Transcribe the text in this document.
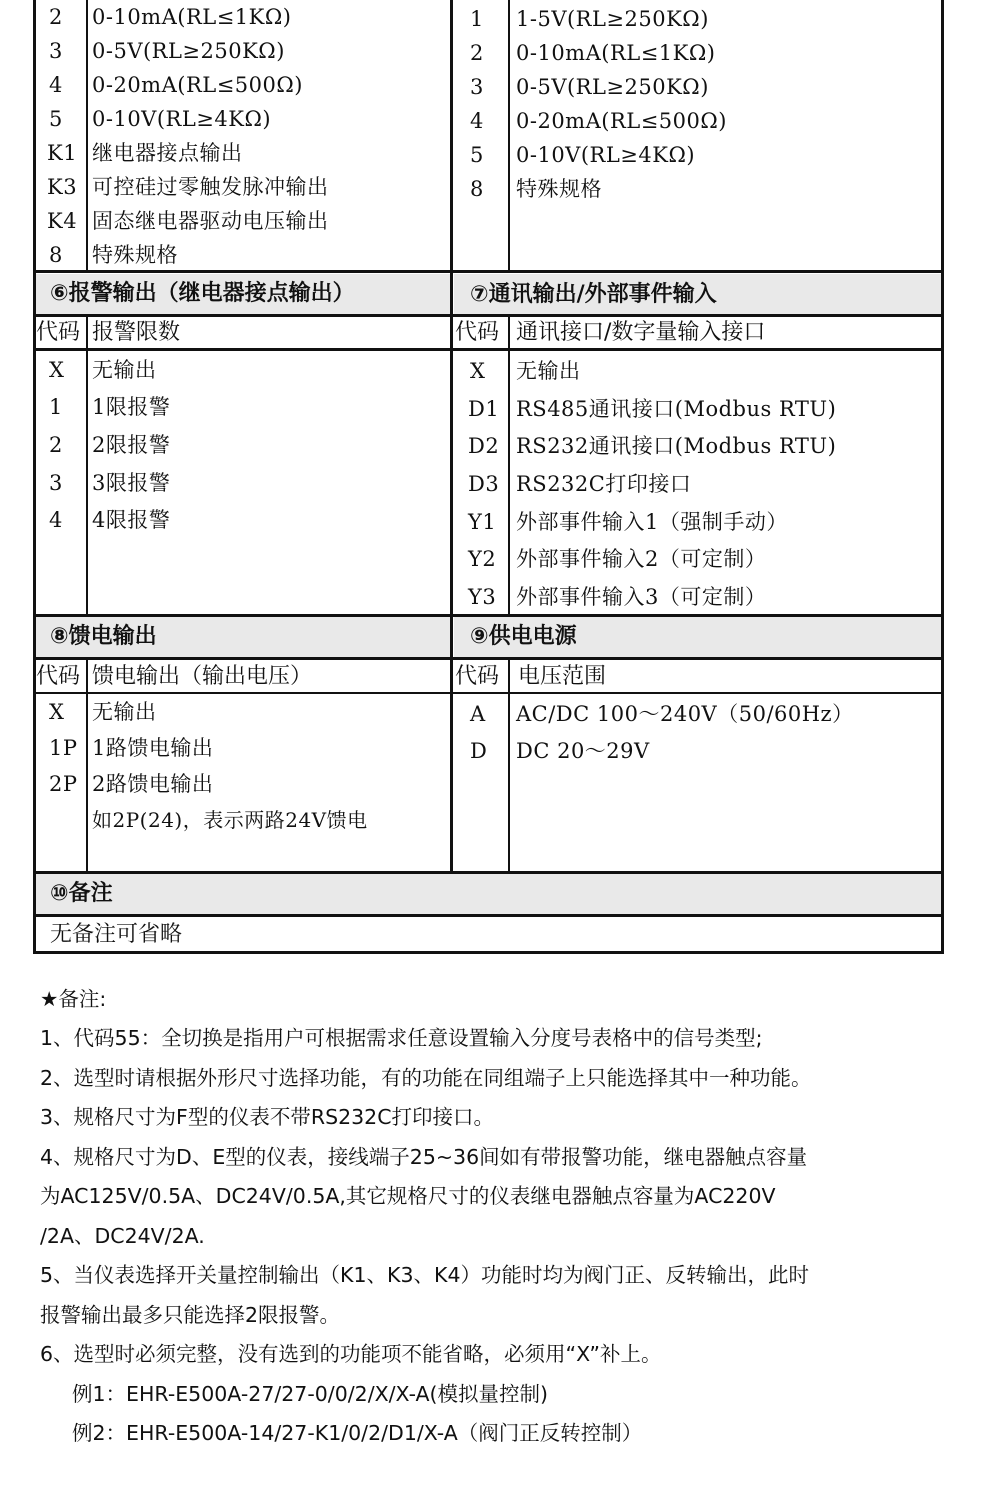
2 0-10mA(RL≤1KΩ)
3 0-5V(RL≥250KΩ)
4 0-20mA(RL≤500Ω)
5 0-10V(RL≥4KΩ)
K1 继电器接点输出
K3 可控硅过零触发脉冲输出
K4 固态继电器驱动电压输出
8 特殊规格
1 1-5V(RL≥250KΩ)
2 0-10mA(RL≤1KΩ)
3 0-5V(RL≥250KΩ)
4 0-20mA(RL≤500Ω)
5 0-10V(RL≥4KΩ)
8 特殊规格
⑥报警输出（继电器接点输出）
代码 报警限数
X 无输出
1 1限报警
2 2限报警
3 3限报警
4 4限报警
⑦通讯输出/外部事件输入
代码 通讯接口/数字量输入接口
X 无输出
D1 RS485通讯接口(Modbus RTU)
D2 RS232通讯接口(Modbus RTU)
D3 RS232C打印接口
Y1 外部事件输入1（强制手动）
Y2 外部事件输入2（可定制）
Y3 外部事件输入3（可定制）
⑧馈电输出
代码 馈电输出（输出电压）
X 无输出
1P 1路馈电输出
2P 2路馈电输出
如2P(24)，表示两路24V馈电
⑨供电电源
代码 电压范围
A AC/DC 100～240V（50/60Hz）
D DC 20～29V
⑩备注
无备注可省略
★备注:
1、代码55：全切换是指用户可根据需求任意设置输入分度号表格中的信号类型;
2、选型时请根据外形尺寸选择功能，有的功能在同组端子上只能选择其中一种功能。
3、规格尺寸为F型的仪表不带RS232C打印接口。
4、规格尺寸为D、E型的仪表，接线端子25~36间如有带报警功能，继电器触点容量
为AC125V/0.5A、DC24V/0.5A,其它规格尺寸的仪表继电器触点容量为AC220V
/2A、DC24V/2A.
5、当仪表选择开关量控制输出（K1、K3、K4）功能时均为阀门正、反转输出，此时
报警输出最多只能选择2限报警。
6、选型时必须完整，没有选到的功能项不能省略，必须用“X”补上。
例1：EHR-E500A-27/27-0/0/2/X/X-A(模拟量控制)
例2：EHR-E500A-14/27-K1/0/2/D1/X-A（阀门正反转控制）
